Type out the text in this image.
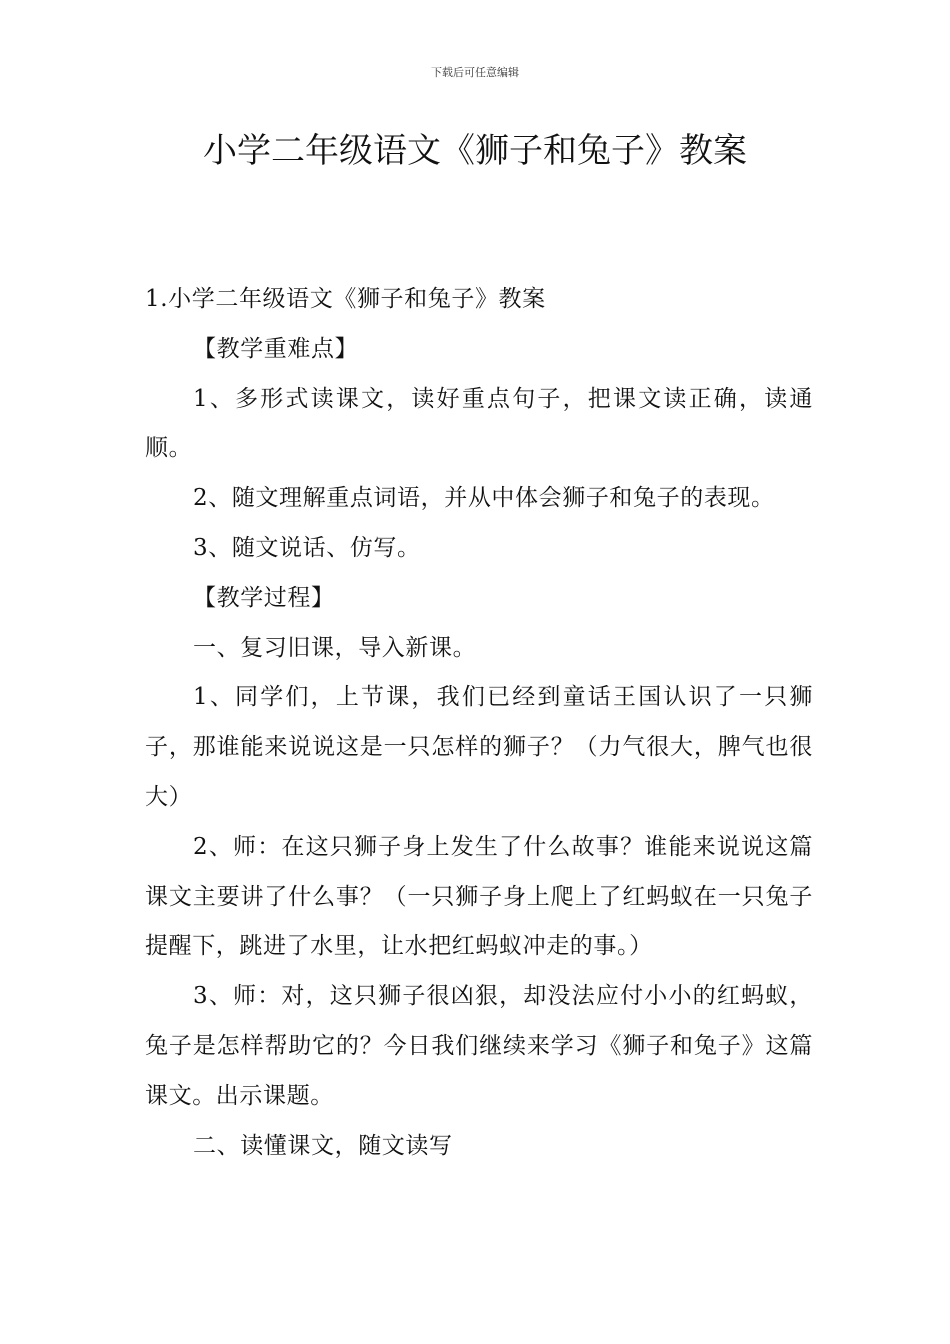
下载后可任意编辑
小学二年级语文《狮子和兔子》教案

1.小学二年级语文《狮子和兔子》教案

【教学重难点】

1、多形式读课文，读好重点句子，把课文读正确，读通顺。

2、随文理解重点词语，并从中体会狮子和兔子的表现。

3、随文说话、仿写。

【教学过程】

一、复习旧课，导入新课。

1、同学们，上节课，我们已经到童话王国认识了一只狮子，那谁能来说说这是一只怎样的狮子？（力气很大，脾气也很大）

2、师：在这只狮子身上发生了什么故事？谁能来说说这篇课文主要讲了什么事？（一只狮子身上爬上了红蚂蚁在一只兔子提醒下，跳进了水里，让水把红蚂蚁冲走的事。）

3、师：对，这只狮子很凶狠，却没法应付小小的红蚂蚁，兔子是怎样帮助它的？今日我们继续来学习《狮子和兔子》这篇课文。出示课题。

二、读懂课文，随文读写
